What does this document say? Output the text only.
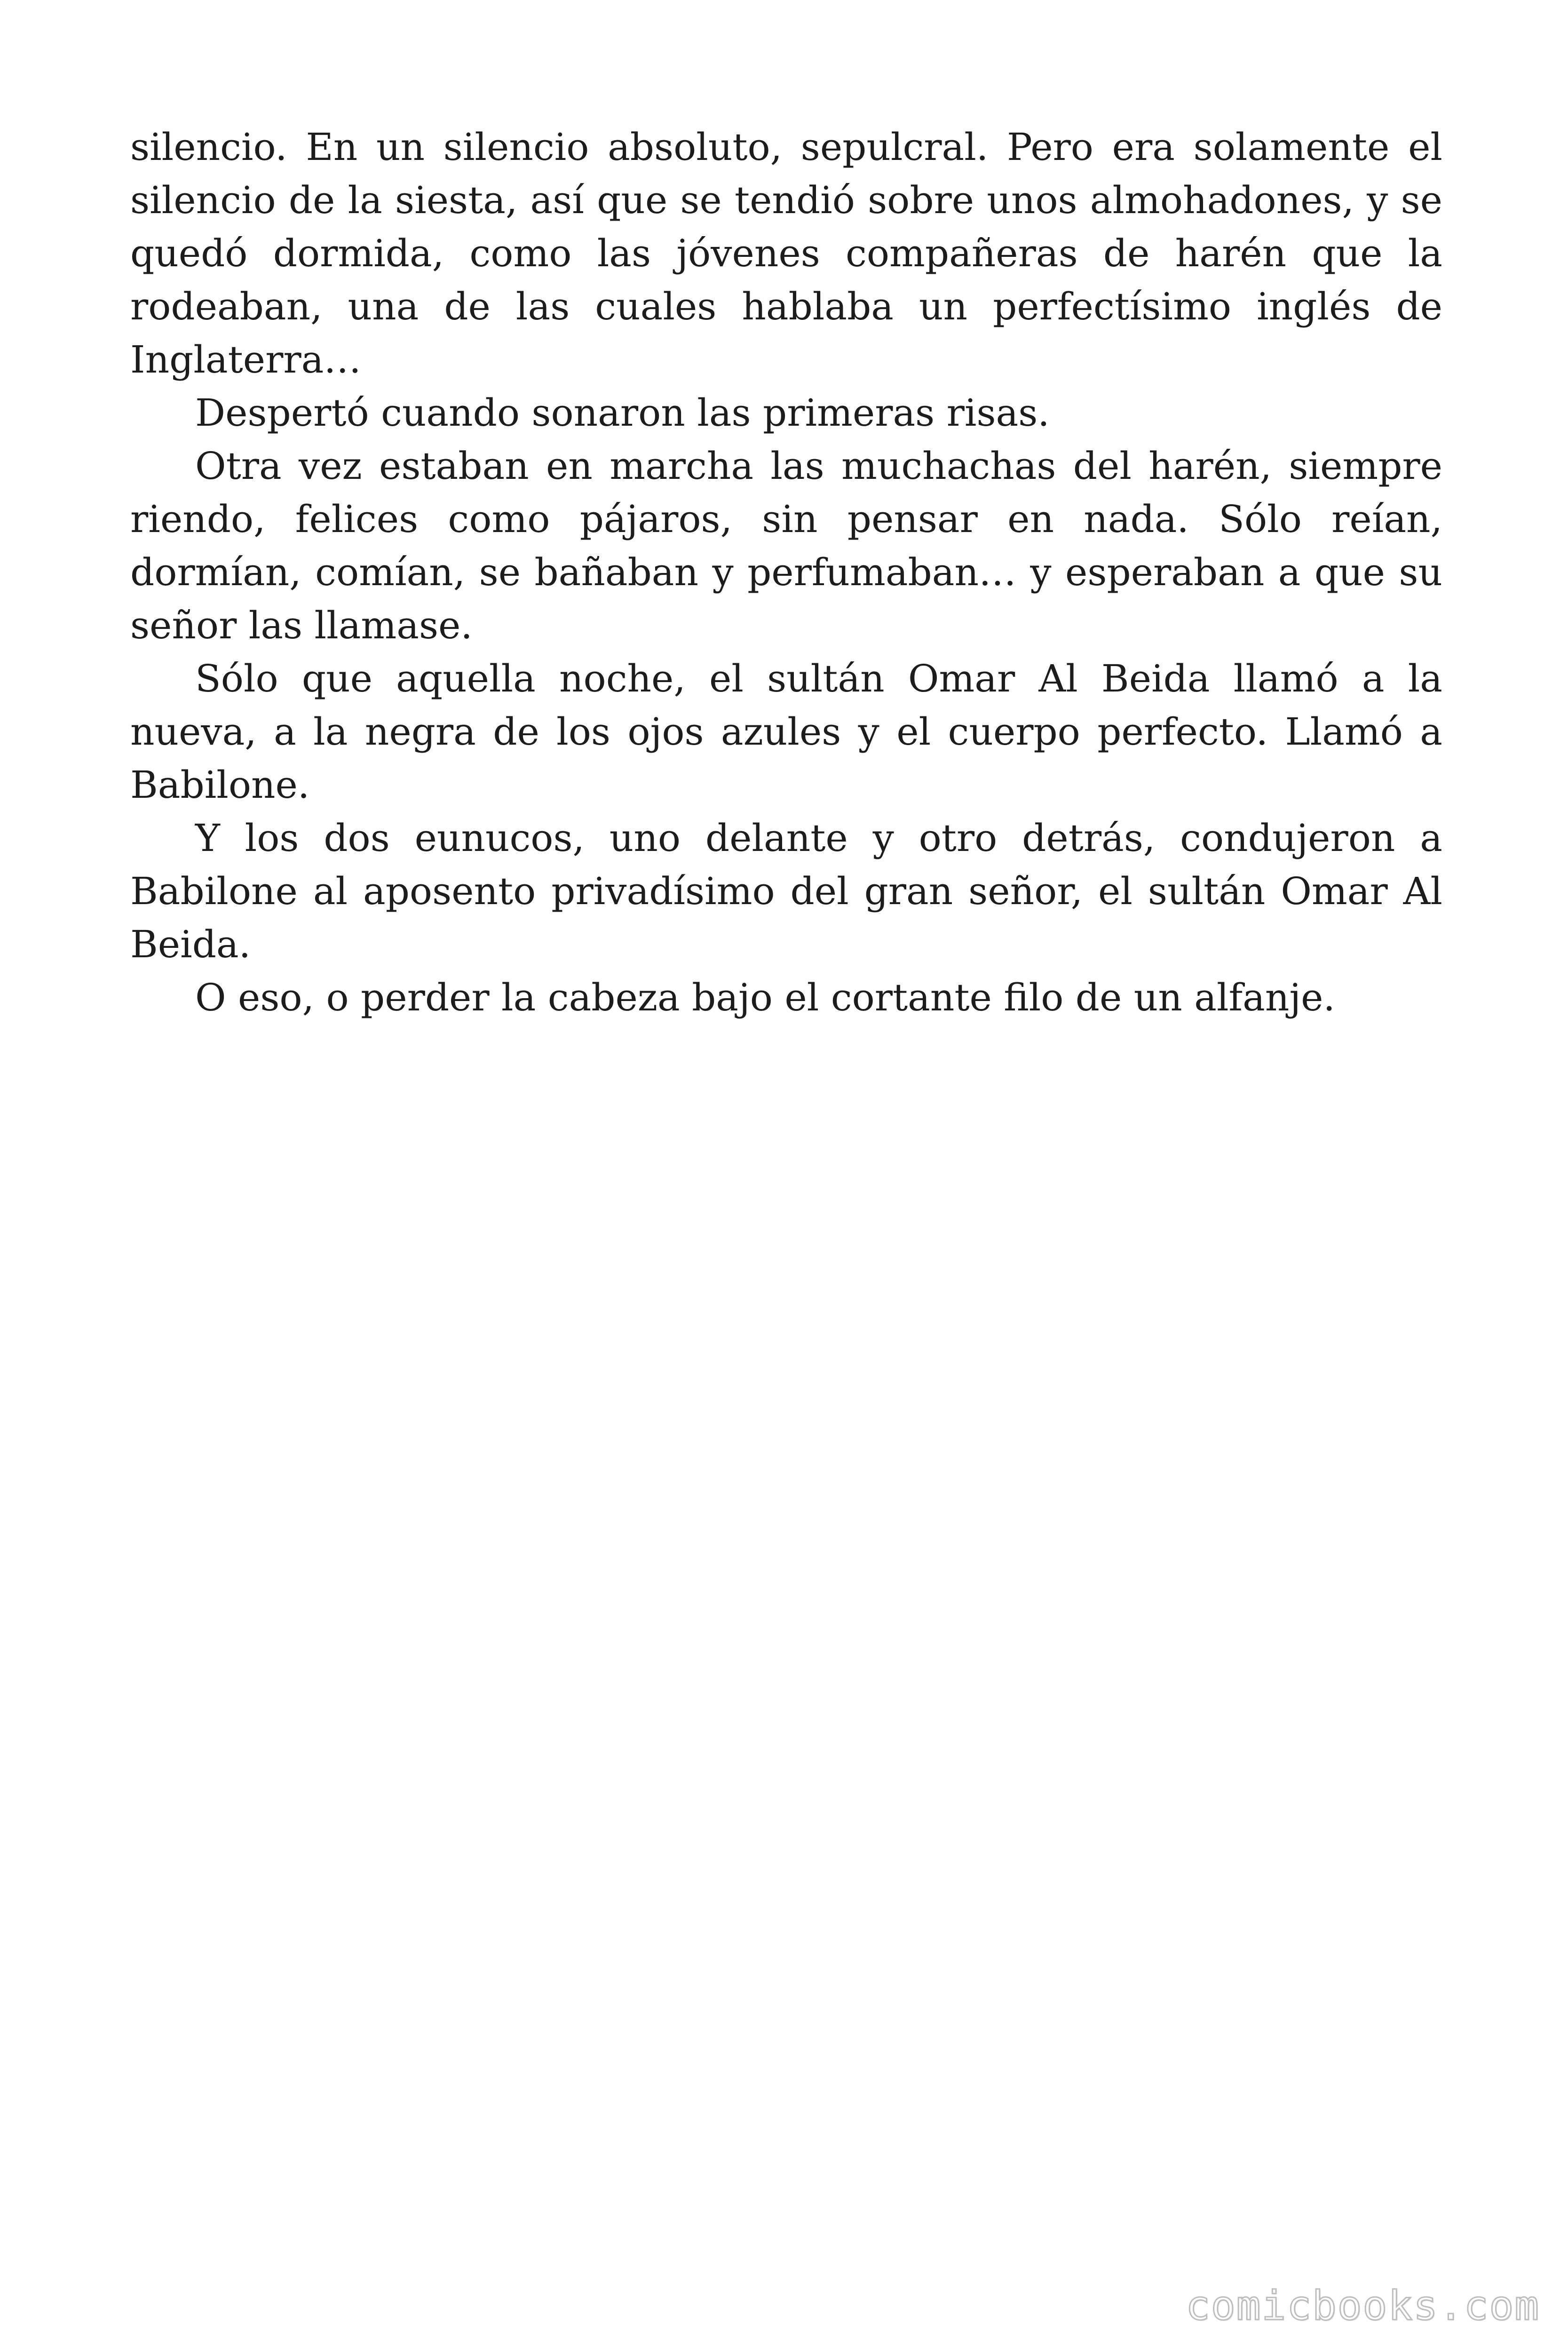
silencio. En un silencio absoluto, sepulcral. Pero era solamente el silencio de la siesta, así que se tendió sobre unos almohadones, y se quedó dormida, como las jóvenes compañeras de harén que la rodeaban, una de las cuales hablaba un perfectísimo inglés de Inglaterra…

Despertó cuando sonaron las primeras risas.

Otra vez estaban en marcha las muchachas del harén, siempre riendo, felices como pájaros, sin pensar en nada. Sólo reían, dormían, comían, se bañaban y perfumaban… y esperaban a que su señor las llamase.

Sólo que aquella noche, el sultán Omar Al Beida llamó a la nueva, a la negra de los ojos azules y el cuerpo perfecto. Llamó a Babilone.

Y los dos eunucos, uno delante y otro detrás, condujeron a Babilone al aposento privadísimo del gran señor, el sultán Omar Al Beida.

O eso, o perder la cabeza bajo el cortante filo de un alfanje.

comicbooks.com
